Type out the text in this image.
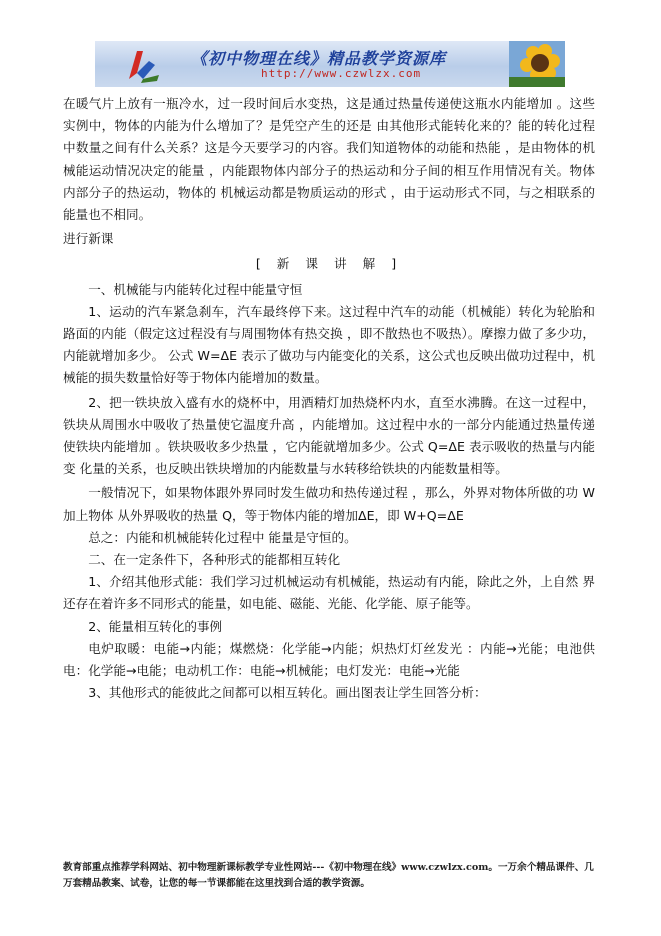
《初中物理在线》精品教学资源库
http://www.czwlzx.com

在暖气片上放有一瓶冷水，过一段时间后水变热，这是通过热量传递使这瓶水内能增加 。这些实例中，物体的内能为什么增加了？是凭空产生的还是 由其他形式能转化来的？能的转化过程中数量之间有什么关系？这是今天要学习的内容。我们知道物体的动能和热能 ，是由物体的机械能运动情况决定的能量 ，内能跟物体内部分子的热运动和分子间的相互作用情况有关。物体内部分子的热运动，物体的 机械运动都是物质运动的形式 ，由于运动形式不同，与之相联系的能量也不相同。

进行新课

[ 新 课 讲 解 ]

一、机械能与内能转化过程中能量守恒

1、运动的汽车紧急刹车，汽车最终停下来。这过程中汽车的动能（机械能）转化为轮胎和路面的内能（假定这过程没有与周围物体有热交换 ，即不散热也不吸热）。摩擦力做了多少功，内能就增加多少。 公式 W=ΔE 表示了做功与内能变化的关系，这公式也反映出做功过程中，机械能的损失数量恰好等于物体内能增加的数量。

2、把一铁块放入盛有水的烧杯中，用酒精灯加热烧杯内水，直至水沸腾。在这一过程中，铁块从周围水中吸收了热量使它温度升高 ，内能增加。这过程中水的一部分内能通过热量传递使铁块内能增加 。铁块吸收多少热量 ，它内能就增加多少。公式 Q=ΔE 表示吸收的热量与内能变 化量的关系，也反映出铁块增加的内能数量与水转移给铁块的内能数量相等。

一般情况下，如果物体跟外界同时发生做功和热传递过程 ，那么，外界对物体所做的功 W 加上物体 从外界吸收的热量 Q，等于物体内能的增加ΔE，即 W+Q=ΔE

总之：内能和机械能转化过程中 能量是守恒的。

二、在一定条件下，各种形式的能都相互转化

1、介绍其他形式能：我们学习过机械运动有机械能，热运动有内能，除此之外，上自然 界还存在着许多不同形式的能量，如电能、磁能、光能、化学能、原子能等。

2、能量相互转化的事例

电炉取暖：电能→内能；煤燃烧：化学能→内能；炽热灯灯丝发光 ：内能→光能；电池供电：化学能→电能；电动机工作：电能→机械能；电灯发光：电能→光能

3、其他形式的能彼此之间都可以相互转化。画出图表让学生回答分析：

教育部重点推荐学科网站、初中物理新课标教学专业性网站---《初中物理在线》www.czwlzx.com。一万余个精品课件、几万套精品教案、试卷，让您的每一节课都能在这里找到合适的教学资源。
